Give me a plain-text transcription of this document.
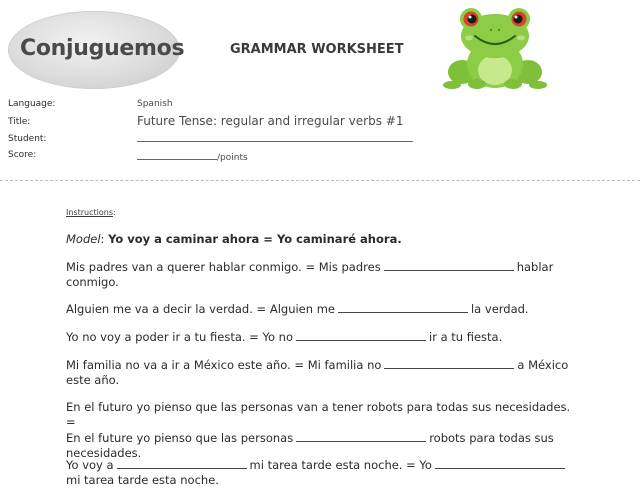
Conjuguemos	GRAMMAR WORKSHEET
Language:	Spanish
Title:	Future Tense: regular and irregular verbs #1
Student:
Score:	/points
Instructions:
Model: Yo voy a caminar ahora = Yo caminaré ahora.
Mis padres van a querer hablar conmigo. = Mis padres	hablar
conmigo.
Alguien me va a decir la verdad. = Alguien me	la verdad.
Yo no voy a poder ir a tu fiesta. = Yo no	ir a tu fiesta.
Mi familia no va a ir a México este año. = Mi familia no	a México
este año.
En el futuro yo pienso que las personas van a tener robots para todas sus necesidades. =
En el future yo pienso que las personas	robots para todas sus
necesidades.
Yo voy a	mi tarea tarde esta noche. = Yo
mi tarea tarde esta noche.
